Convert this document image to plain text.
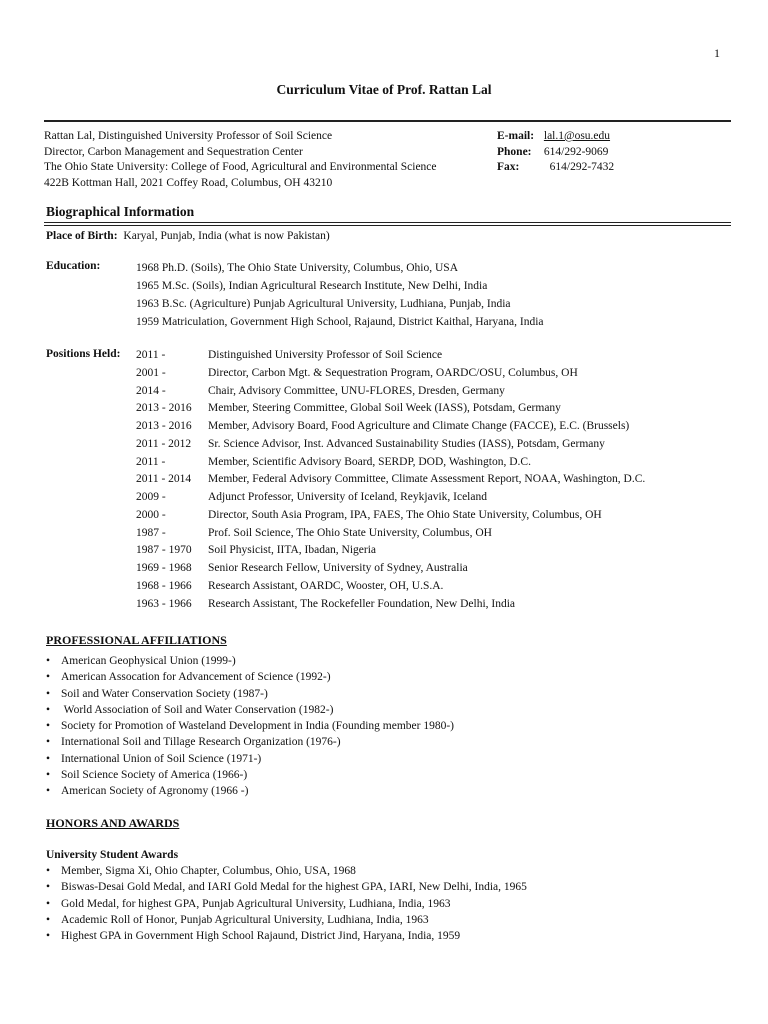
1
Curriculum Vitae of Prof. Rattan Lal
Rattan Lal, Distinguished University Professor of Soil Science
Director, Carbon Management and Sequestration Center
The Ohio State University: College of Food, Agricultural and Environmental Science
422B Kottman Hall, 2021 Coffey Road, Columbus, OH 43210
E-mail: lal.1@osu.edu
Phone: 614/292-9069
Fax:	614/292-7432
Biographical Information
Place of Birth: Karyal, Punjab, India (what is now Pakistan)
Education:	1968 Ph.D. (Soils), The Ohio State University, Columbus, Ohio, USA
1965 M.Sc. (Soils), Indian Agricultural Research Institute, New Delhi, India
1963 B.Sc. (Agriculture) Punjab Agricultural University, Ludhiana, Punjab, India
1959 Matriculation, Government High School, Rajaund, District Kaithal, Haryana, India
Positions Held: 2011 -
2001 -
2014 -
2013 - 2016
2013 - 2016
2011 - 2012
2011 -
2011 - 2014
2009 -
2000 -
1987 -
1987 - 1970
1969 - 1968
1968 - 1966
1963 - 1966
Distinguished University Professor of Soil Science
Director, Carbon Mgt. & Sequestration Program, OARDC/OSU, Columbus, OH
Chair, Advisory Committee, UNU-FLORES, Dresden, Germany
Member, Steering Committee, Global Soil Week (IASS), Potsdam, Germany
Member, Advisory Board, Food Agriculture and Climate Change (FACCE), E.C. (Brussels)
Sr. Science Advisor, Inst. Advanced Sustainability Studies (IASS), Potsdam, Germany
Member, Scientific Advisory Board, SERDP, DOD, Washington, D.C.
Member, Federal Advisory Committee, Climate Assessment Report, NOAA, Washington, D.C.
Adjunct Professor, University of Iceland, Reykjavik, Iceland
Director, South Asia Program, IPA, FAES, The Ohio State University, Columbus, OH
Prof. Soil Science, The Ohio State University, Columbus, OH
Soil Physicist, IITA, Ibadan, Nigeria
Senior Research Fellow, University of Sydney, Australia
Research Assistant, OARDC, Wooster, OH, U.S.A.
Research Assistant, The Rockefeller Foundation, New Delhi, India
PROFESSIONAL AFFILIATIONS
• American Geophysical Union (1999-)
• American Assocation for Advancement of Science (1992-)
• Soil and Water Conservation Society (1987-)
• World Association of Soil and Water Conservation (1982-)
• Society for Promotion of Wasteland Development in India (Founding member 1980-)
• International Soil and Tillage Research Organization (1976-)
• International Union of Soil Science (1971-)
• Soil Science Society of America (1966-)
• American Society of Agronomy (1966 -)
HONORS AND AWARDS
University Student Awards
• Member, Sigma Xi, Ohio Chapter, Columbus, Ohio, USA, 1968
• Biswas-Desai Gold Medal, and IARI Gold Medal for the highest GPA, IARI, New Delhi, India, 1965
• Gold Medal, for highest GPA, Punjab Agricultural University, Ludhiana, India, 1963
• Academic Roll of Honor, Punjab Agricultural University, Ludhiana, India, 1963
• Highest GPA in Government High School Rajaund, District Jind, Haryana, India, 1959
